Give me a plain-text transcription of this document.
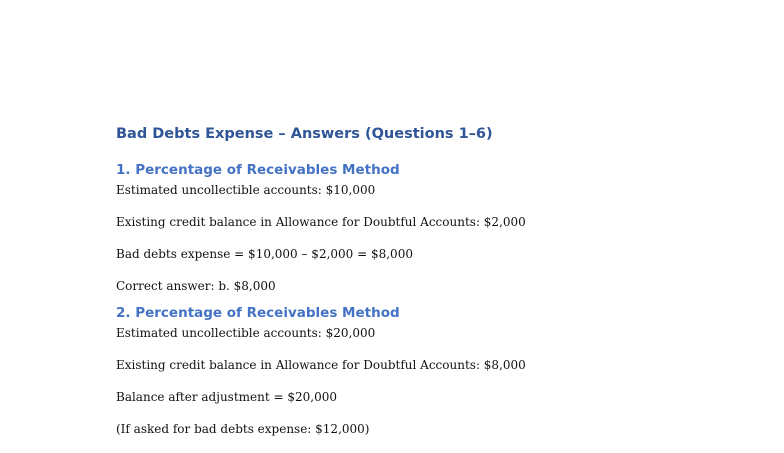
Bad Debts Expense – Answers (Questions 1–6)
1. Percentage of Receivables Method

Estimated uncollectible accounts: $10,000

Existing credit balance in Allowance for Doubtful Accounts: $2,000

Bad debts expense = $10,000 – $2,000 = $8,000

Correct answer: b. $8,000

2. Percentage of Receivables Method

Estimated uncollectible accounts: $20,000

Existing credit balance in Allowance for Doubtful Accounts: $8,000

Balance after adjustment = $20,000

(If asked for bad debts expense: $12,000)
